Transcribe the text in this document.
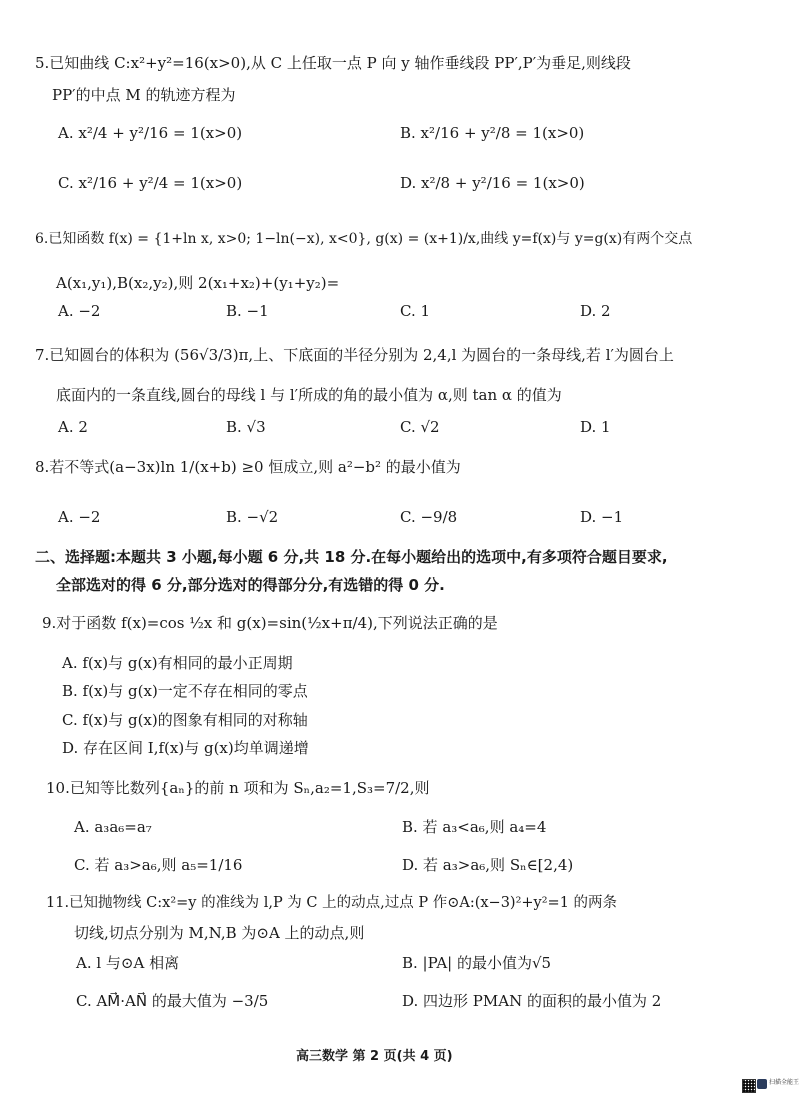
5.已知曲线 C:x²+y²=16(x>0),从 C 上任取一点 P 向 y 轴作垂线段 PP′,P′为垂足,则线段
PP′的中点 M 的轨迹方程为
A. x²/4 + y²/16 = 1(x>0)	B. x²/16 + y²/8 = 1(x>0)
C. x²/16 + y²/4 = 1(x>0)	D. x²/8 + y²/16 = 1(x>0)
6.已知函数 f(x) = {1+ln x, x>0; 1−ln(−x), x<0}, g(x) = (x+1)/x,曲线 y=f(x)与 y=g(x)有两个交点
A(x₁,y₁),B(x₂,y₂),则 2(x₁+x₂)+(y₁+y₂)=
A. −2	B. −1	C. 1	D. 2
7.已知圆台的体积为 (56√3/3)π,上、下底面的半径分别为 2,4,l 为圆台的一条母线,若 l′为圆台上
底面内的一条直线,圆台的母线 l 与 l′所成的角的最小值为 α,则 tan α 的值为
A. 2	B. √3	C. √2	D. 1
8.若不等式(a−3x)ln 1/(x+b) ≥0 恒成立,则 a²−b² 的最小值为
A. −2	B. −√2	C. −9/8	D. −1
二、选择题:本题共 3 小题,每小题 6 分,共 18 分.在每小题给出的选项中,有多项符合题目要求,
全部选对的得 6 分,部分选对的得部分分,有选错的得 0 分.
9.对于函数 f(x)=cos ½x 和 g(x)=sin(½x+π/4),下列说法正确的是
A. f(x)与 g(x)有相同的最小正周期
B. f(x)与 g(x)一定不存在相同的零点
C. f(x)与 g(x)的图象有相同的对称轴
D. 存在区间 I,f(x)与 g(x)均单调递增
10.已知等比数列{aₙ}的前 n 项和为 Sₙ,a₂=1,S₃=7/2,则
A. a₃a₆=a₇	B. 若 a₃<a₆,则 a₄=4
C. 若 a₃>a₆,则 a₅=1/16	D. 若 a₃>a₆,则 Sₙ∈[2,4)
11.已知抛物线 C:x²=y 的准线为 l,P 为 C 上的动点,过点 P 作⊙A:(x−3)²+y²=1 的两条
切线,切点分别为 M,N,B 为⊙A 上的动点,则
A. l 与⊙A 相离	B. |PA| 的最小值为√5
C. AM⃗·AN⃗ 的最大值为 −3/5	D. 四边形 PMAN 的面积的最小值为 2
高三数学 第 2 页(共 4 页)
扫描全能王
